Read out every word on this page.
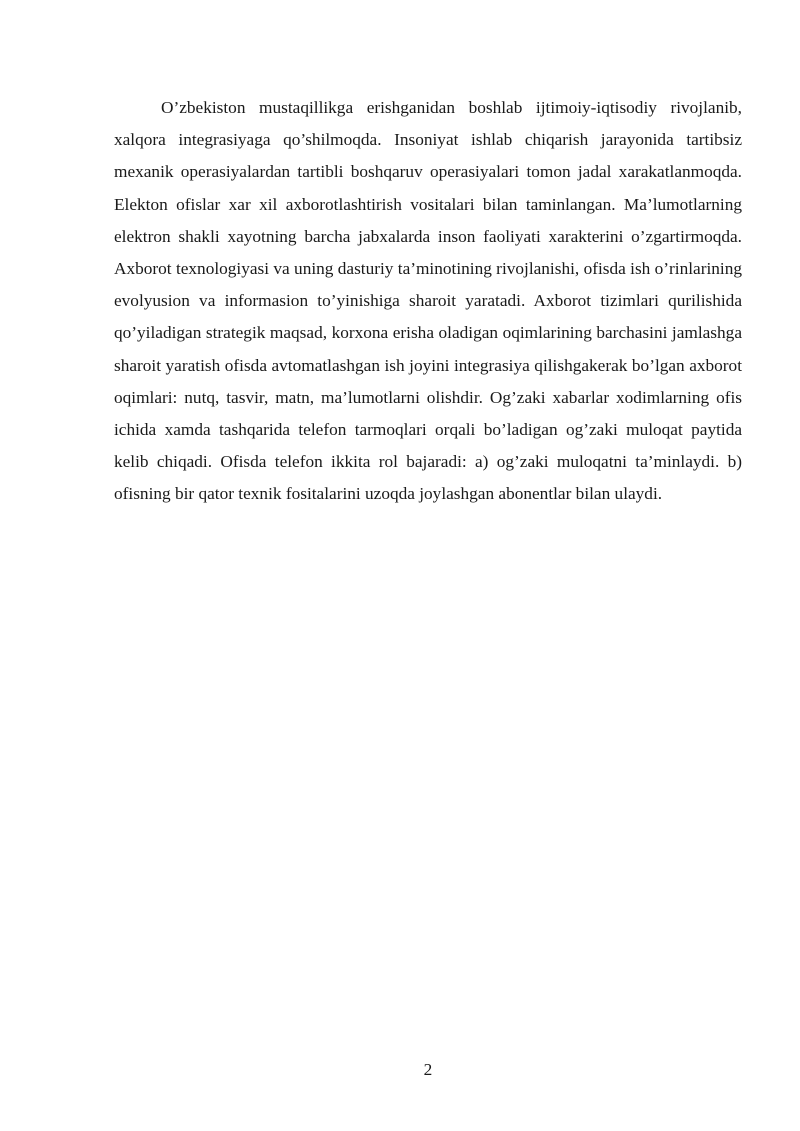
O’zbekiston mustaqillikga erishganidan boshlab ijtimoiy-iqtisodiy rivojlanib, xalqora integrasiyaga qo’shilmoqda. Insoniyat ishlab chiqarish jarayonida tartibsiz mexanik operasiyalardan tartibli boshqaruv operasiyalari tomon jadal xarakatlanmoqda. Elekton ofislar xar xil axborotlashtirish vositalari bilan taminlangan. Ma’lumotlarning elektron shakli xayotning barcha jabxalarda inson faoliyati xarakterini o’zgartirmoqda. Axborot texnologiyasi va uning dasturiy ta’minotining rivojlanishi, ofisda ish o’rinlarining evolyusion va informasion to’yinishiga sharoit yaratadi. Axborot tizimlari qurilishida qo’yiladigan strategik maqsad, korxona erisha oladigan oqimlarining barchasini jamlashga sharoit yaratish ofisda avtomatlashgan ish joyini integrasiya qilishgakerak bo’lgan axborot oqimlari: nutq, tasvir, matn, ma’lumotlarni olishdir. Og’zaki xabarlar xodimlarning ofis ichida xamda tashqarida telefon tarmoqlari orqali bo’ladigan og’zaki muloqat paytida kelib chiqadi. Ofisda telefon ikkita rol bajaradi: a) og’zaki muloqatni ta’minlaydi. b) ofisning bir qator texnik fositalarini uzoqda joylashgan abonentlar bilan ulaydi.

2
